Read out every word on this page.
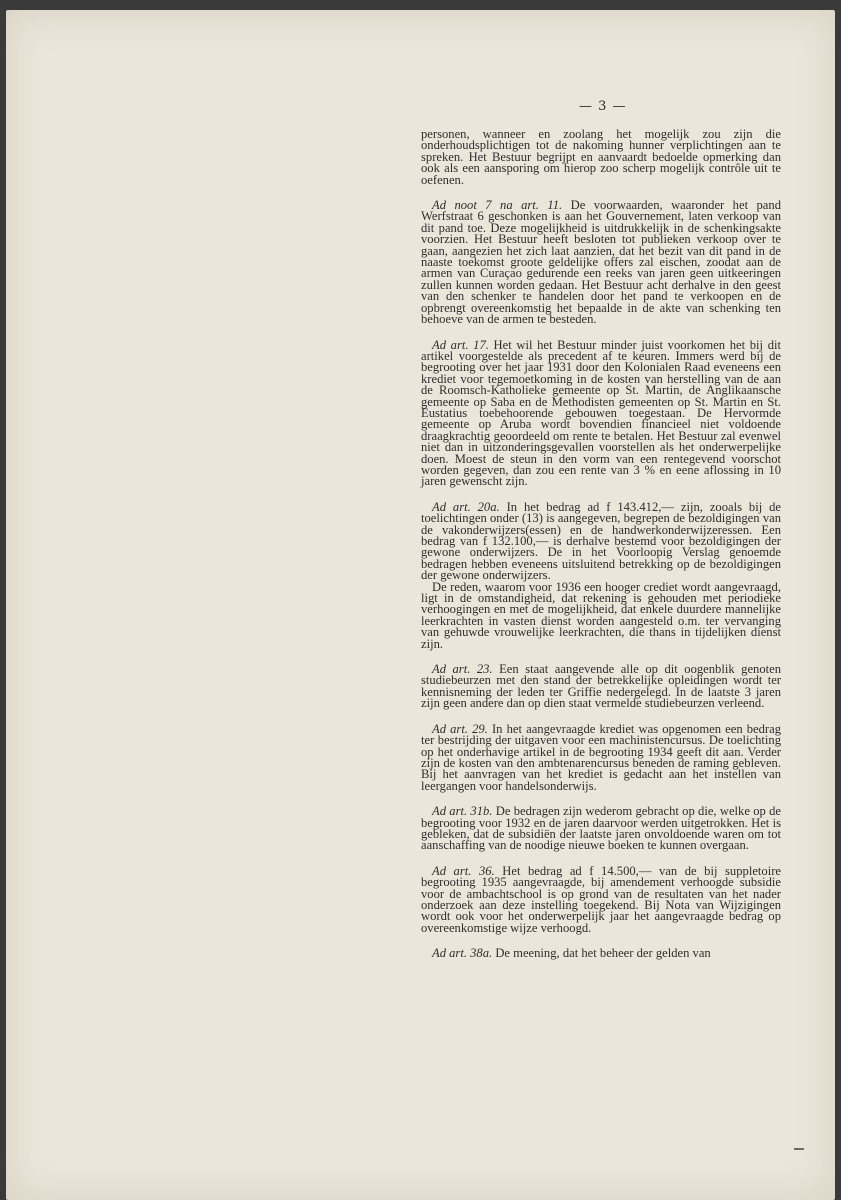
— 3 —

personen, wanneer en zoolang het mogelijk zou zijn die onderhoudsplichtigen tot de nakoming hunner verplichtingen aan te spreken. Het Bestuur begrijpt en aanvaardt bedoelde opmerking dan ook als een aansporing om hierop zoo scherp mogelijk contrôle uit te oefenen.

Ad noot 7 na art. 11. De voorwaarden, waaronder het pand Werfstraat 6 geschonken is aan het Gouvernement, laten verkoop van dit pand toe. Deze mogelijkheid is uitdrukkelijk in de schenkingsakte voorzien. Het Bestuur heeft besloten tot publieken verkoop over te gaan, aangezien het zich laat aanzien, dat het bezit van dit pand in de naaste toekomst groote geldelijke offers zal eischen, zoodat aan de armen van Curaçao gedurende een reeks van jaren geen uitkeeringen zullen kunnen worden gedaan. Het Bestuur acht derhalve in den geest van den schenker te handelen door het pand te verkoopen en de opbrengt overeenkomstig het bepaalde in de akte van schenking ten behoeve van de armen te besteden.

Ad art. 17. Het wil het Bestuur minder juist voorkomen het bij dit artikel voorgestelde als precedent af te keuren. Immers werd bij de begrooting over het jaar 1931 door den Kolonialen Raad eveneens een krediet voor tegemoetkoming in de kosten van herstelling van de aan de Roomsch-Katholieke gemeente op St. Martin, de Anglikaansche gemeente op Saba en de Methodisten gemeenten op St. Martin en St. Eustatius toebehoorende gebouwen toegestaan. De Hervormde gemeente op Aruba wordt bovendien financieel niet voldoende draagkrachtig geoordeeld om rente te betalen. Het Bestuur zal evenwel niet dan in uitzonderingsgevallen voorstellen als het onderwerpelijke doen. Moest de steun in den vorm van een rentegevend voorschot worden gegeven, dan zou een rente van 3 % en eene aflossing in 10 jaren gewenscht zijn.

Ad art. 20a. In het bedrag ad f 143.412,— zijn, zooals bij de toelichtingen onder (13) is aangegeven, begrepen de bezoldigingen van de vakonderwijzers(essen) en de handwerkonderwijzeressen. Een bedrag van f 132.100,— is derhalve bestemd voor bezoldigingen der gewone onderwijzers. De in het Voorloopig Verslag genoemde bedragen hebben eveneens uitsluitend betrekking op de bezoldigingen der gewone onderwijzers.

De reden, waarom voor 1936 een hooger crediet wordt aangevraagd, ligt in de omstandigheid, dat rekening is gehouden met periodieke verhoogingen en met de mogelijkheid, dat enkele duurdere mannelijke leerkrachten in vasten dienst worden aangesteld o.m. ter vervanging van gehuwde vrouwelijke leerkrachten, die thans in tijdelijken dienst zijn.

Ad art. 23. Een staat aangevende alle op dit oogenblik genoten studiebeurzen met den stand der betrekkelijke opleidingen wordt ter kennisneming der leden ter Griffie nedergelegd. In de laatste 3 jaren zijn geen andere dan op dien staat vermelde studiebeurzen verleend.

Ad art. 29. In het aangevraagde krediet was opgenomen een bedrag ter bestrijding der uitgaven voor een machinistencursus. De toelichting op het onderhavige artikel in de begrooting 1934 geeft dit aan. Verder zijn de kosten van den ambtenarencursus beneden de raming gebleven. Bij het aanvragen van het krediet is gedacht aan het instellen van leergangen voor handelsonderwijs.

Ad art. 31b. De bedragen zijn wederom gebracht op die, welke op de begrooting voor 1932 en de jaren daarvoor werden uitgetrokken. Het is gebleken, dat de subsidiën der laatste jaren onvoldoende waren om tot aanschaffing van de noodige nieuwe boeken te kunnen overgaan.

Ad art. 36. Het bedrag ad f 14.500,— van de bij suppletoire begrooting 1935 aangevraagde, bij amendement verhoogde subsidie voor de ambachtschool is op grond van de resultaten van het nader onderzoek aan deze instelling toegekend. Bij Nota van Wijzigingen wordt ook voor het onderwerpelijk jaar het aangevraagde bedrag op overeenkomstige wijze verhoogd.

Ad art. 38a. De meening, dat het beheer der gelden van
